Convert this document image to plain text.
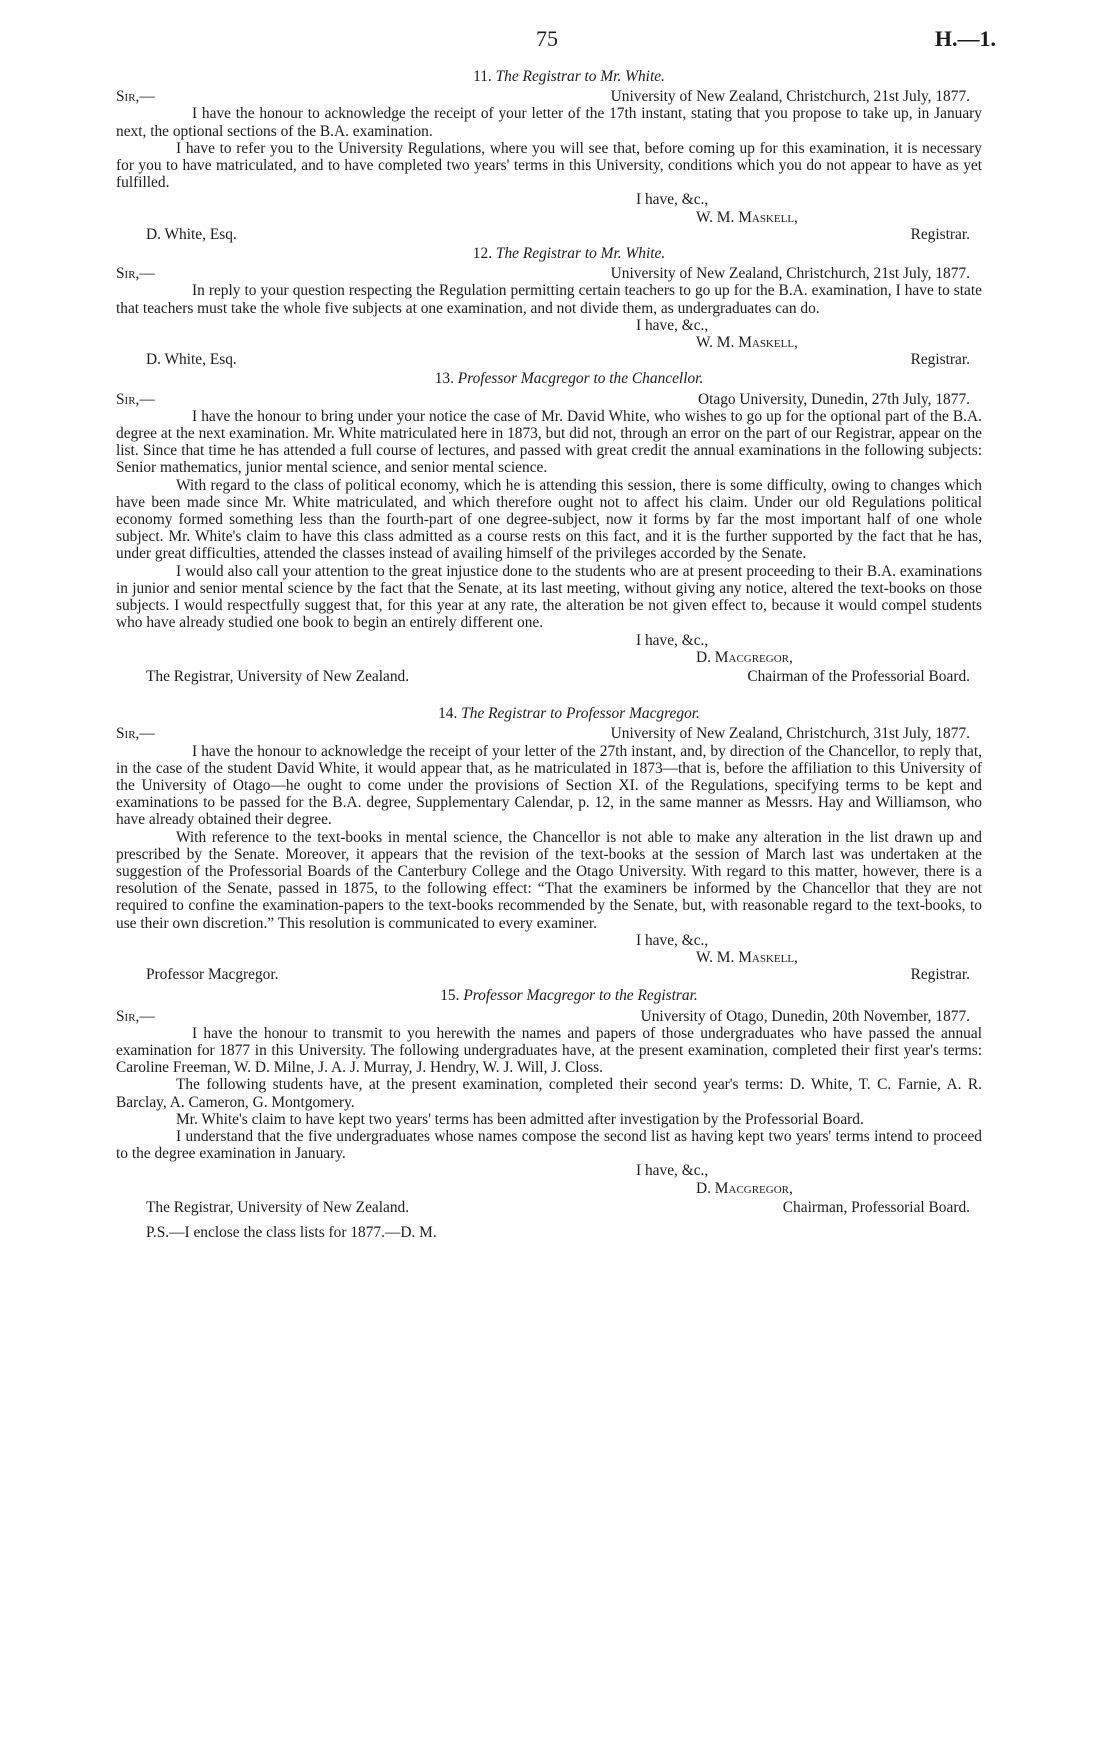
75	H.—1.
11. The Registrar to Mr. White.
Sir,—	University of New Zealand, Christchurch, 21st July, 1877.

I have the honour to acknowledge the receipt of your letter of the 17th instant, stating that you propose to take up, in January next, the optional sections of the B.A. examination.

I have to refer you to the University Regulations, where you will see that, before coming up for this examination, it is necessary for you to have matriculated, and to have completed two years' terms in this University, conditions which you do not appear to have as yet fulfilled.

I have, &c.,

W. M. Maskell,

D. White, Esq.	Registrar.
12. The Registrar to Mr. White.
Sir,—	University of New Zealand, Christchurch, 21st July, 1877.

In reply to your question respecting the Regulation permitting certain teachers to go up for the B.A. examination, I have to state that teachers must take the whole five subjects at one examination, and not divide them, as undergraduates can do.

I have, &c.,

W. M. Maskell,

D. White, Esq.	Registrar.
13. Professor Macgregor to the Chancellor.
Sir,—	Otago University, Dunedin, 27th July, 1877.

I have the honour to bring under your notice the case of Mr. David White, who wishes to go up for the optional part of the B.A. degree at the next examination. Mr. White matriculated here in 1873, but did not, through an error on the part of our Registrar, appear on the list. Since that time he has attended a full course of lectures, and passed with great credit the annual examinations in the following subjects: Senior mathematics, junior mental science, and senior mental science.

With regard to the class of political economy, which he is attending this session, there is some difficulty, owing to changes which have been made since Mr. White matriculated, and which therefore ought not to affect his claim. Under our old Regulations political economy formed something less than the fourth-part of one degree-subject, now it forms by far the most important half of one whole subject. Mr. White's claim to have this class admitted as a course rests on this fact, and it is the further supported by the fact that he has, under great difficulties, attended the classes instead of availing himself of the privileges accorded by the Senate.

I would also call your attention to the great injustice done to the students who are at present proceeding to their B.A. examinations in junior and senior mental science by the fact that the Senate, at its last meeting, without giving any notice, altered the text-books on those subjects. I would respectfully suggest that, for this year at any rate, the alteration be not given effect to, because it would compel students who have already studied one book to begin an entirely different one.

I have, &c.,

D. Macgregor,

The Registrar, University of New Zealand.	Chairman of the Professorial Board.
14. The Registrar to Professor Macgregor.
Sir,—	University of New Zealand, Christchurch, 31st July, 1877.

I have the honour to acknowledge the receipt of your letter of the 27th instant, and, by direction of the Chancellor, to reply that, in the case of the student David White, it would appear that, as he matriculated in 1873—that is, before the affiliation to this University of the University of Otago—he ought to come under the provisions of Section XI. of the Regulations, specifying terms to be kept and examinations to be passed for the B.A. degree, Supplementary Calendar, p. 12, in the same manner as Messrs. Hay and Williamson, who have already obtained their degree.

With reference to the text-books in mental science, the Chancellor is not able to make any alteration in the list drawn up and prescribed by the Senate. Moreover, it appears that the revision of the text-books at the session of March last was undertaken at the suggestion of the Professorial Boards of the Canterbury College and the Otago University. With regard to this matter, however, there is a resolution of the Senate, passed in 1875, to the following effect: “That the examiners be informed by the Chancellor that they are not required to confine the examination-papers to the text-books recommended by the Senate, but, with reasonable regard to the text-books, to use their own discretion.” This resolution is communicated to every examiner.

I have, &c.,

W. M. Maskell,

Professor Macgregor.	Registrar.
15. Professor Macgregor to the Registrar.
Sir,—	University of Otago, Dunedin, 20th November, 1877.

I have the honour to transmit to you herewith the names and papers of those undergraduates who have passed the annual examination for 1877 in this University. The following undergraduates have, at the present examination, completed their first year's terms: Caroline Freeman, W. D. Milne, J. A. J. Murray, J. Hendry, W. J. Will, J. Closs.

The following students have, at the present examination, completed their second year's terms: D. White, T. C. Farnie, A. R. Barclay, A. Cameron, G. Montgomery.

Mr. White's claim to have kept two years' terms has been admitted after investigation by the Professorial Board.

I understand that the five undergraduates whose names compose the second list as having kept two years' terms intend to proceed to the degree examination in January.

I have, &c.,

D. Macgregor,

The Registrar, University of New Zealand.	Chairman, Professorial Board.
P.S.—I enclose the class lists for 1877.—D. M.
